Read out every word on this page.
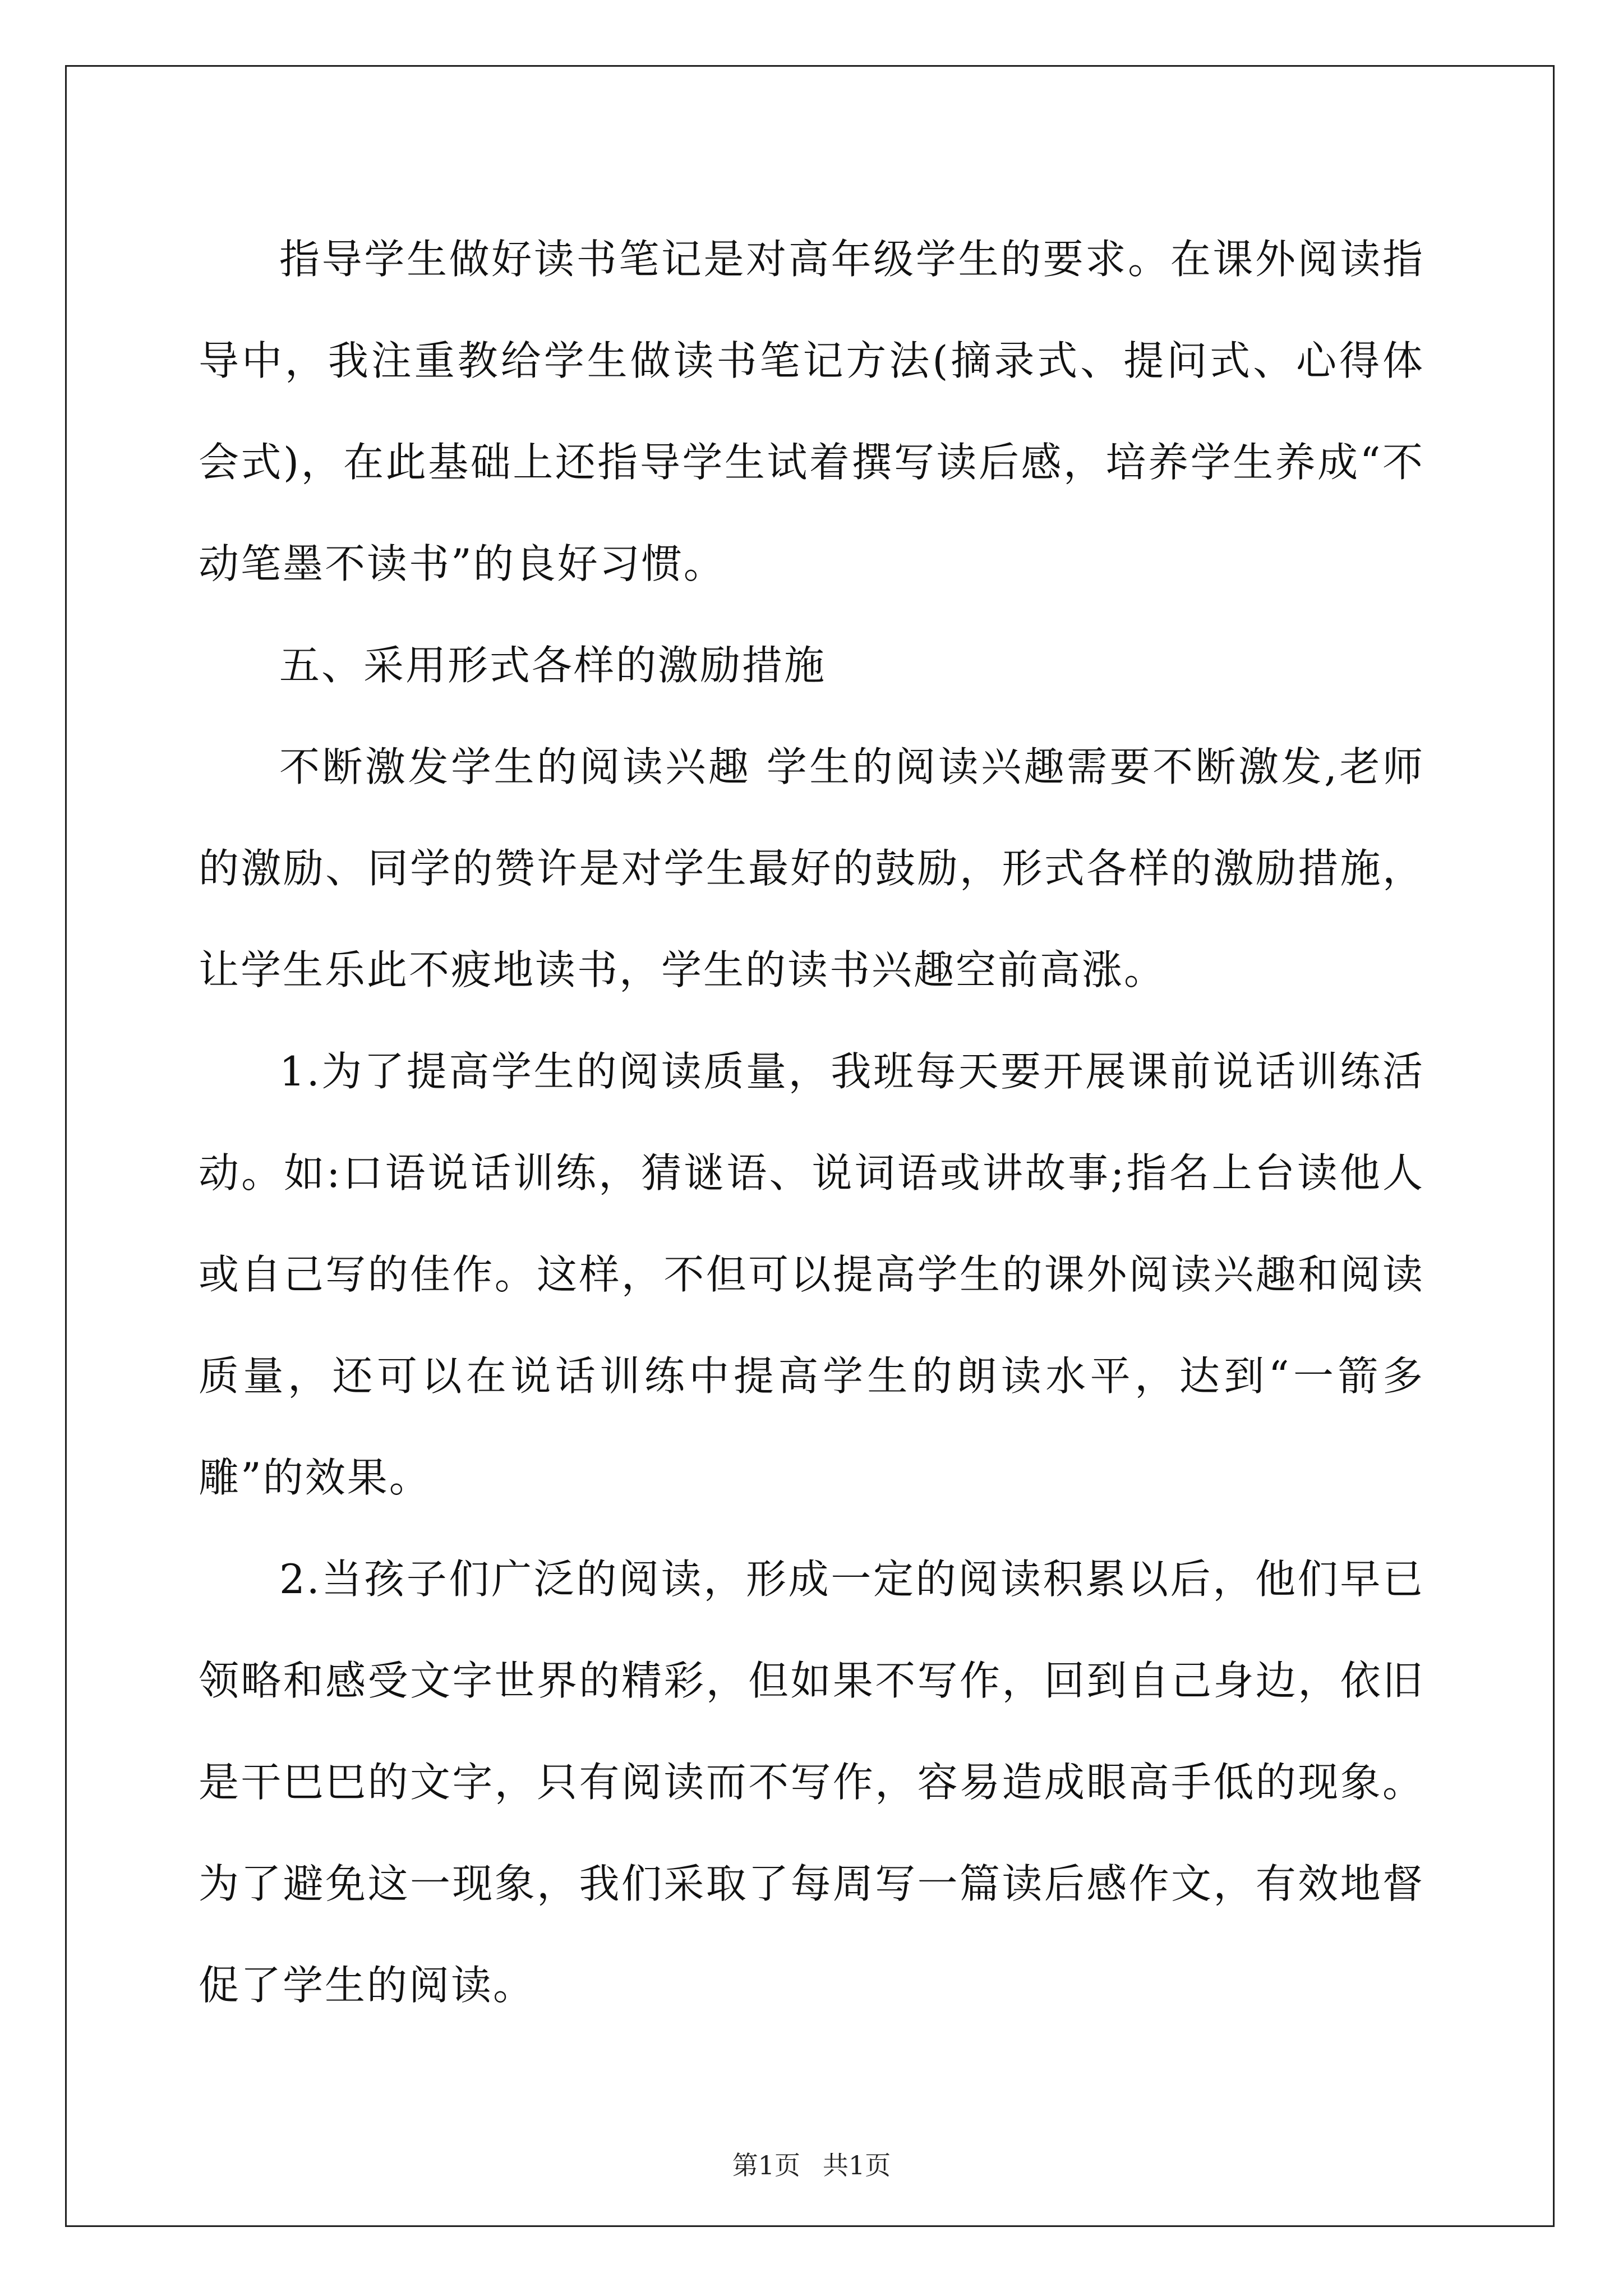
指导学生做好读书笔记是对高年级学生的要求。在课外阅读指导中，我注重教给学生做读书笔记方法(摘录式、提问式、心得体会式)，在此基础上还指导学生试着撰写读后感，培养学生养成“不动笔墨不读书”的良好习惯。

五、采用形式各样的激励措施

不断激发学生的阅读兴趣 学生的阅读兴趣需要不断激发,老师的激励、同学的赞许是对学生最好的鼓励，形式各样的激励措施，让学生乐此不疲地读书，学生的读书兴趣空前高涨。

1.为了提高学生的阅读质量，我班每天要开展课前说话训练活动。如:口语说话训练，猜谜语、说词语或讲故事;指名上台读他人或自己写的佳作。这样，不但可以提高学生的课外阅读兴趣和阅读质量，还可以在说话训练中提高学生的朗读水平，达到“一箭多雕”的效果。

2.当孩子们广泛的阅读，形成一定的阅读积累以后，他们早已领略和感受文字世界的精彩，但如果不写作，回到自己身边，依旧是干巴巴的文字，只有阅读而不写作，容易造成眼高手低的现象。为了避免这一现象，我们采取了每周写一篇读后感作文，有效地督促了学生的阅读。

第1页 共1页
